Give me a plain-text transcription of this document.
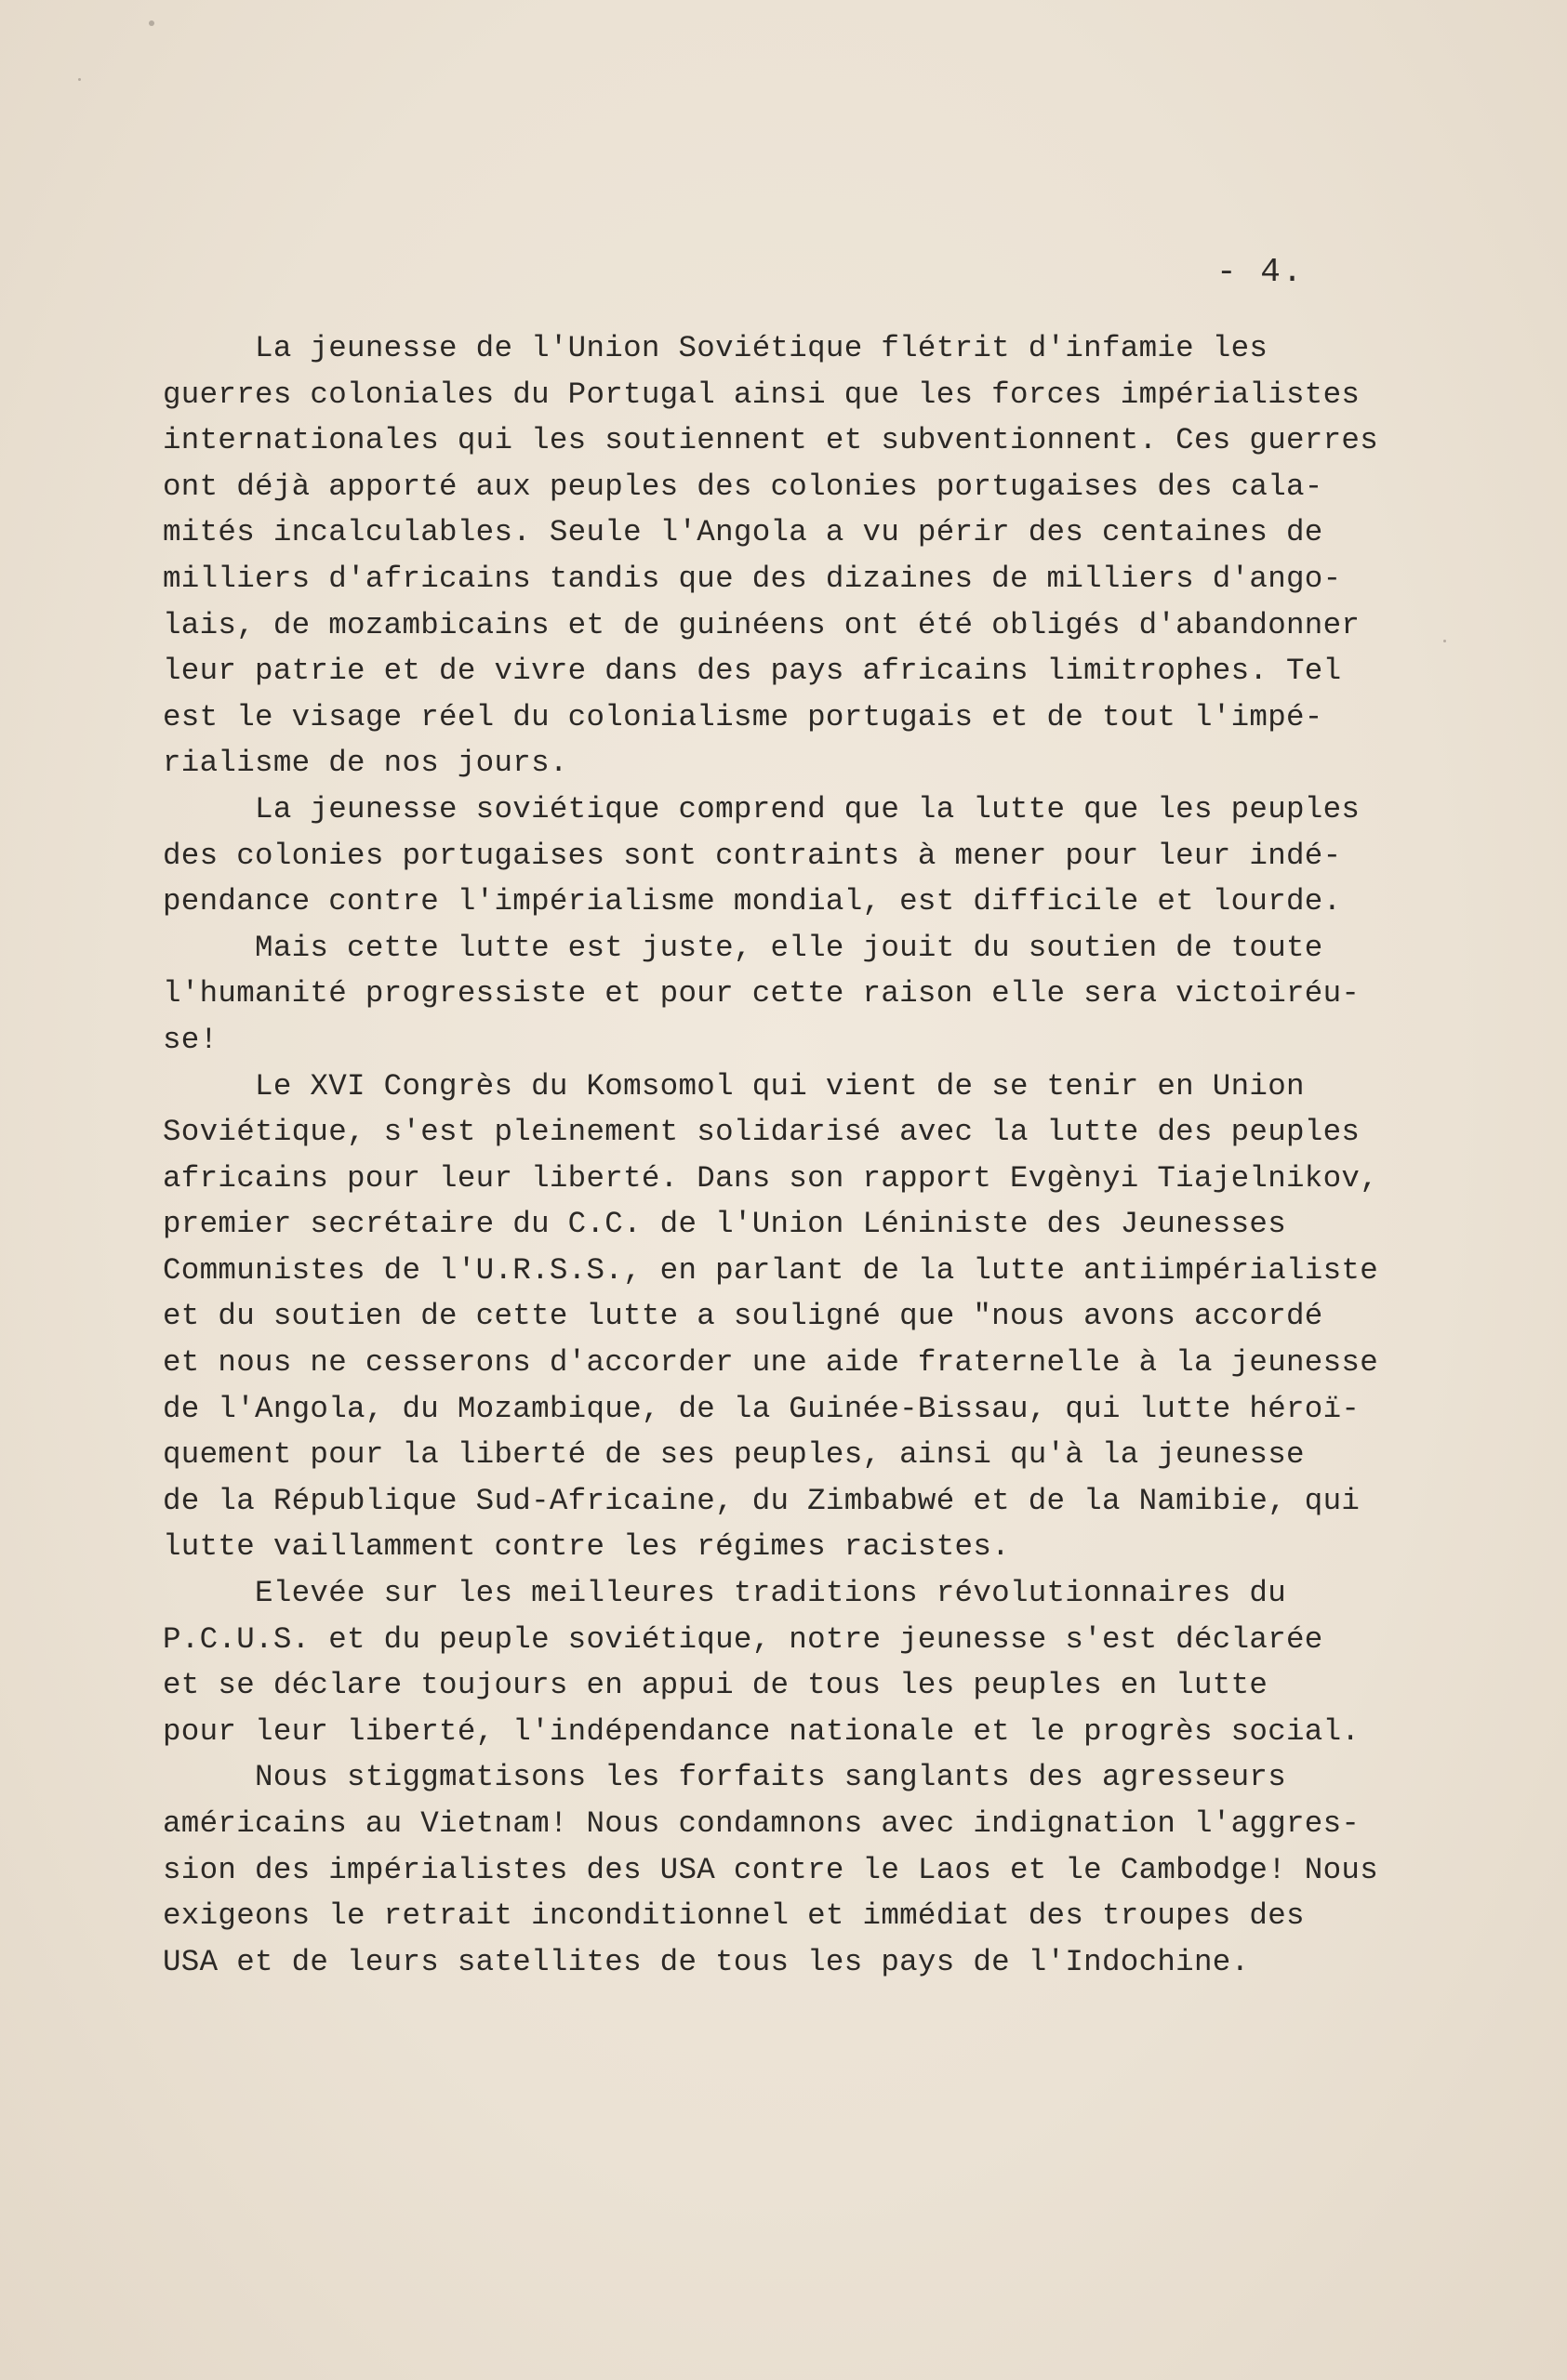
- 4.
La jeunesse de l'Union Soviétique flétrit d'infamie les
guerres coloniales du Portugal ainsi que les forces impérialistes
internationales qui les soutiennent et subventionnent. Ces guerres
ont déjà apporté aux peuples des colonies portugaises des cala-
mités incalculables. Seule l'Angola a vu périr des centaines de
milliers d'africains tandis que des dizaines de milliers d'ango-
lais, de mozambicains et de guinéens ont été obligés d'abandonner
leur patrie et de vivre dans des pays africains limitrophes. Tel
est le visage réel du colonialisme portugais et de tout l'impé-
rialisme de nos jours.
La jeunesse soviétique comprend que la lutte que les peuples
des colonies portugaises sont contraints à mener pour leur indé-
pendance contre l'impérialisme mondial, est difficile et lourde.
Mais cette lutte est juste, elle jouit du soutien de toute
l'humanité progressiste et pour cette raison elle sera victoiréu-
se!
Le XVI Congrès du Komsomol qui vient de se tenir en Union
Soviétique, s'est pleinement solidarisé avec la lutte des peuples
africains pour leur liberté. Dans son rapport Evgènyi Tiajelnikov,
premier secrétaire du C.C. de l'Union Léniniste des Jeunesses
Communistes de l'U.R.S.S., en parlant de la lutte antiimpérialiste
et du soutien de cette lutte a souligné que "nous avons accordé
et nous ne cesserons d'accorder une aide fraternelle à la jeunesse
de l'Angola, du Mozambique, de la Guinée-Bissau, qui lutte héroï-
quement pour la liberté de ses peuples, ainsi qu'à la jeunesse
de la République Sud-Africaine, du Zimbabwé et de la Namibie, qui
lutte vaillamment contre les régimes racistes.
Elevée sur les meilleures traditions révolutionnaires du
P.C.U.S. et du peuple soviétique, notre jeunesse s'est déclarée
et se déclare toujours en appui de tous les peuples en lutte
pour leur liberté, l'indépendance nationale et le progrès social.
Nous stiggmatisons les forfaits sanglants des agresseurs
américains au Vietnam! Nous condamnons avec indignation l'aggres-
sion des impérialistes des USA contre le Laos et le Cambodge! Nous
exigeons le retrait inconditionnel et immédiat des troupes des
USA et de leurs satellites de tous les pays de l'Indochine.
